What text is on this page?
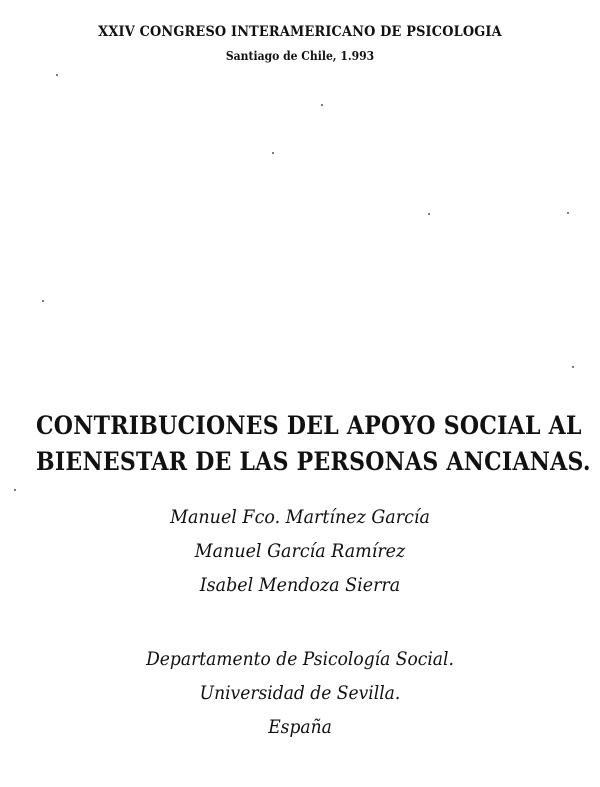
XXIV CONGRESO INTERAMERICANO DE PSICOLOGIA
Santiago de Chile, 1.993
CONTRIBUCIONES DEL APOYO SOCIAL AL
BIENESTAR DE LAS PERSONAS ANCIANAS.
Manuel Fco. Martínez García
Manuel García Ramírez
Isabel Mendoza Sierra
Departamento de Psicología Social.
Universidad de Sevilla.
España
